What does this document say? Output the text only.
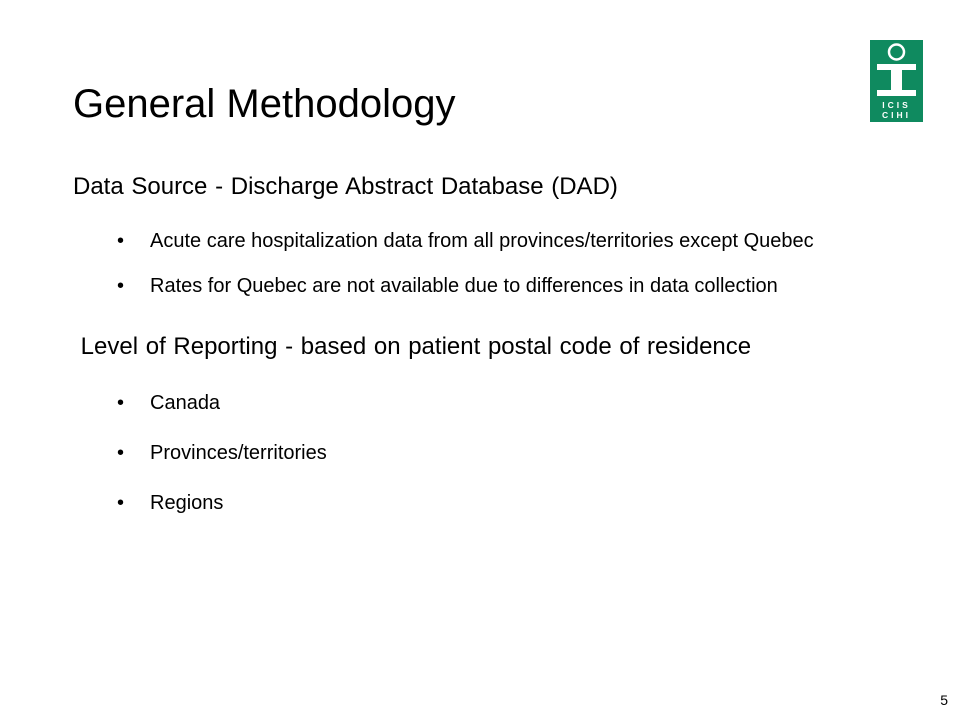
General Methodology	ICIS
CIHI

Data Source - Discharge Abstract Database (DAD)

• Acute care hospitalization data from all provinces/territories except Quebec
• Rates for Quebec are not available due to differences in data collection

Level of Reporting - based on patient postal code of residence

• Canada
• Provinces/territories
• Regions
5
